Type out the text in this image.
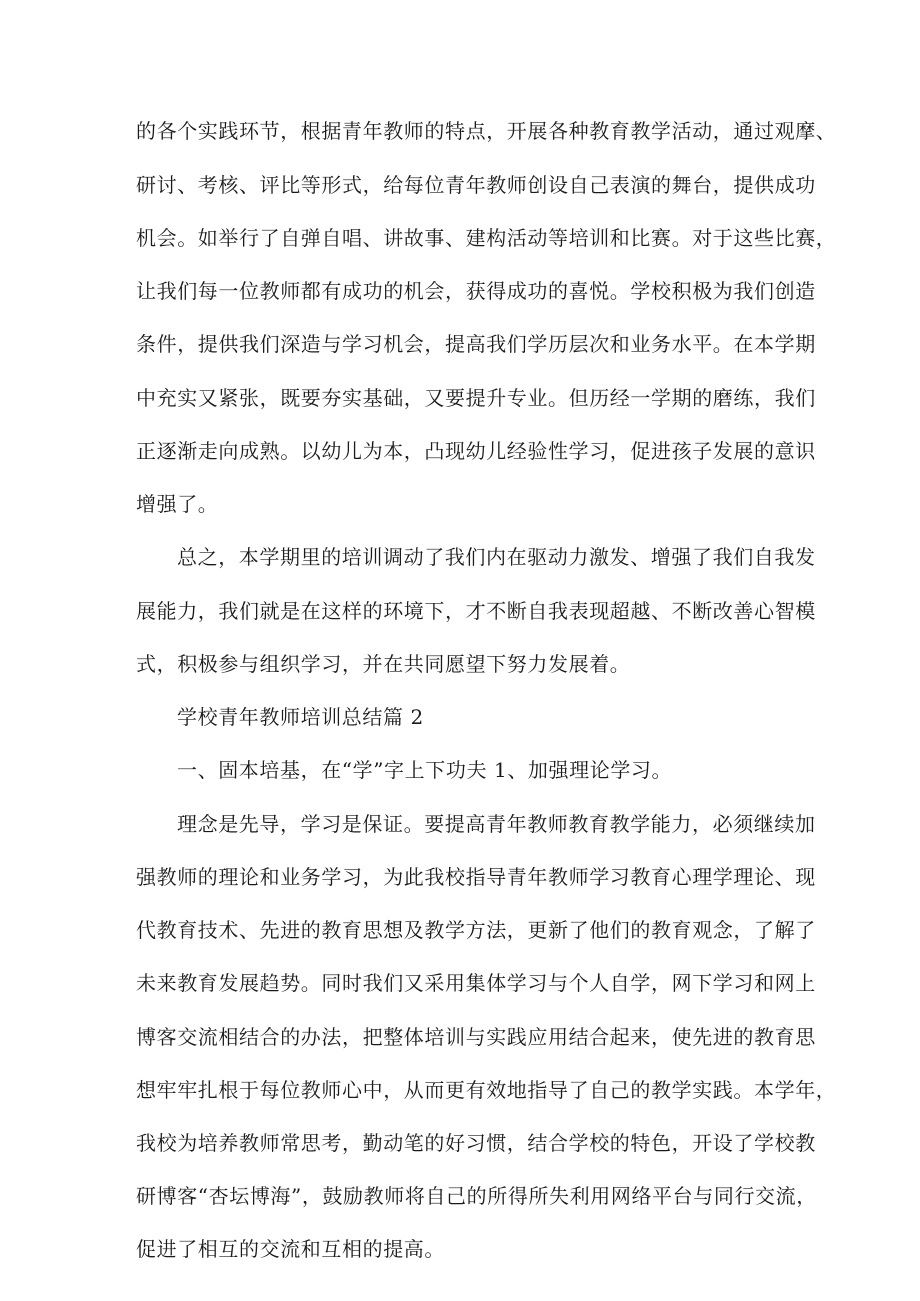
的各个实践环节，根据青年教师的特点，开展各种教育教学活动，通过观摩、
研讨、考核、评比等形式，给每位青年教师创设自己表演的舞台，提供成功
机会。如举行了自弹自唱、讲故事、建构活动等培训和比赛。对于这些比赛，
让我们每一位教师都有成功的机会，获得成功的喜悦。学校积极为我们创造
条件，提供我们深造与学习机会，提高我们学历层次和业务水平。在本学期
中充实又紧张，既要夯实基础，又要提升专业。但历经一学期的磨练，我们
正逐渐走向成熟。以幼儿为本，凸现幼儿经验性学习，促进孩子发展的意识
增强了。
总之，本学期里的培训调动了我们内在驱动力激发、增强了我们自我发
展能力，我们就是在这样的环境下，才不断自我表现超越、不断改善心智模
式，积极参与组织学习，并在共同愿望下努力发展着。
学校青年教师培训总结篇 2
一、固本培基，在“学”字上下功夫 1、加强理论学习。
理念是先导，学习是保证。要提高青年教师教育教学能力，必须继续加
强教师的理论和业务学习，为此我校指导青年教师学习教育心理学理论、现
代教育技术、先进的教育思想及教学方法，更新了他们的教育观念，了解了
未来教育发展趋势。同时我们又采用集体学习与个人自学，网下学习和网上
博客交流相结合的办法，把整体培训与实践应用结合起来，使先进的教育思
想牢牢扎根于每位教师心中，从而更有效地指导了自己的教学实践。本学年，
我校为培养教师常思考，勤动笔的好习惯，结合学校的特色，开设了学校教
研博客“杏坛博海”，鼓励教师将自己的所得所失利用网络平台与同行交流，
促进了相互的交流和互相的提高。
